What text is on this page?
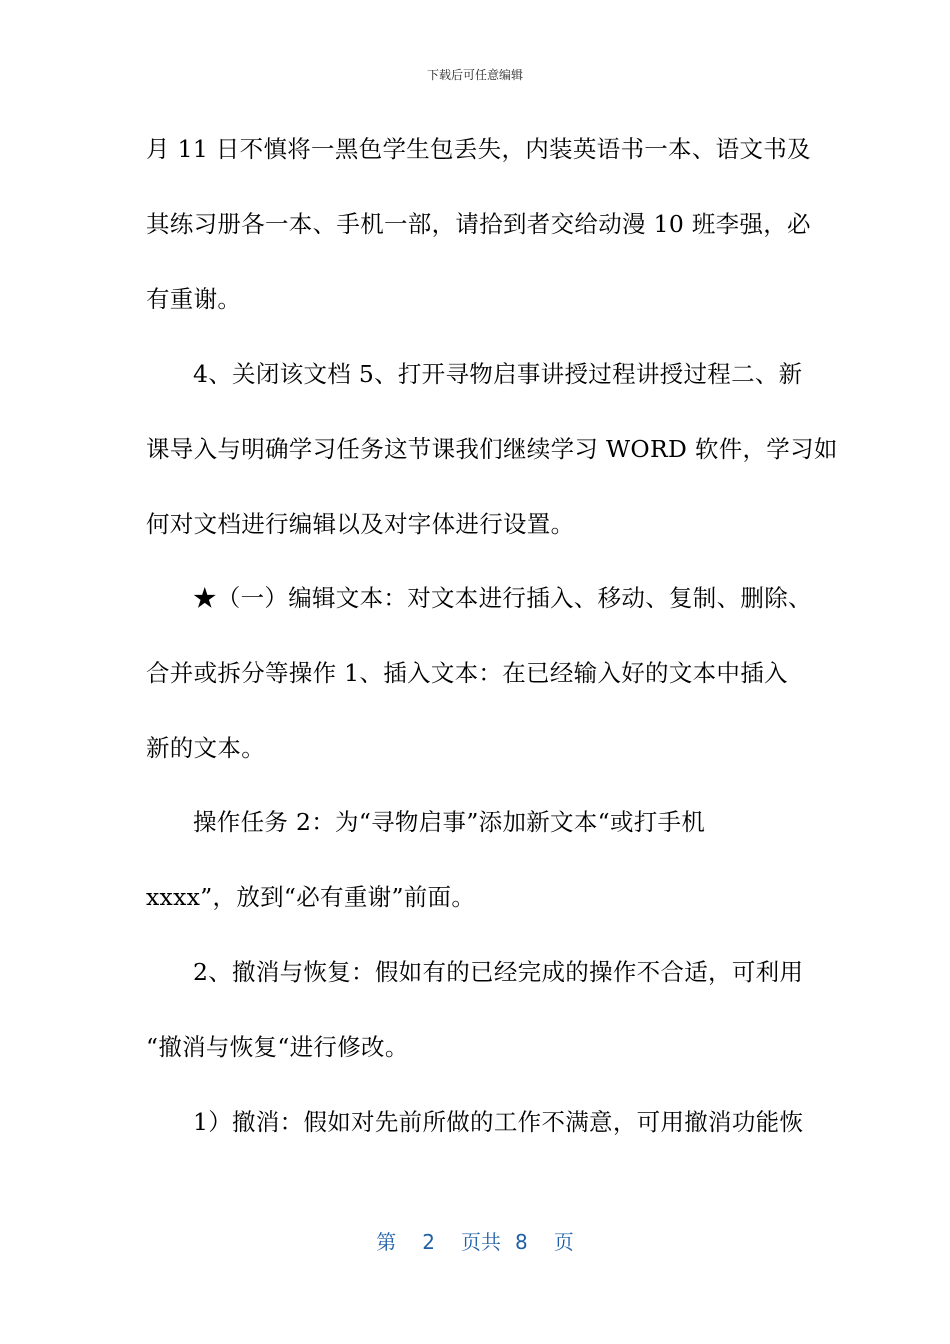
下载后可任意编辑
月 11 日不慎将一黑色学生包丢失，内装英语书一本、语文书及
其练习册各一本、手机一部，请拾到者交给动漫 10 班李强，必
有重谢。
4、关闭该文档 5、打开寻物启事讲授过程讲授过程二、新
课导入与明确学习任务这节课我们继续学习 WORD 软件，学习如
何对文档进行编辑以及对字体进行设置。
★（一）编辑文本：对文本进行插入、移动、复制、删除、
合并或拆分等操作 1、插入文本：在已经输入好的文本中插入
新的文本。
操作任务 2：为“寻物启事”添加新文本“或打手机
xxxx”，放到“必有重谢”前面。
2、撤消与恢复：假如有的已经完成的操作不合适，可利用
“撤消与恢复“进行修改。
1）撤消：假如对先前所做的工作不满意，可用撤消功能恢
第 2 页共 8 页
